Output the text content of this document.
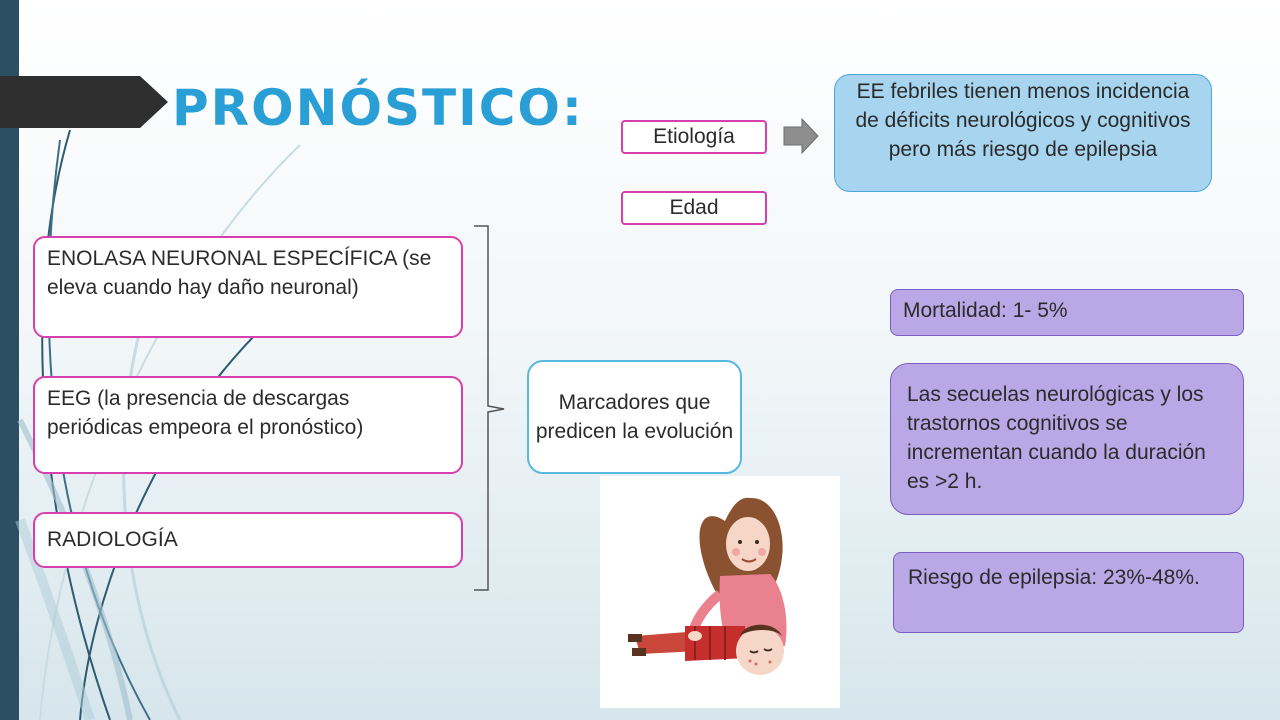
PRONÓSTICO:	Etiología
Edad
EE febriles tienen menos incidencia de déficits neurológicos y cognitivos pero más riesgo de epilepsia
ENOLASA NEURONAL ESPECÍFICA (se eleva cuando hay daño neuronal)
EEG (la presencia de descargas periódicas empeora el pronóstico)
RADIOLOGÍA
Marcadores que predicen la evolución
Mortalidad: 1- 5%
Las secuelas neurológicas y los trastornos cognitivos se incrementan cuando la duración es >2 h.
Riesgo de epilepsia: 23%-48%.
